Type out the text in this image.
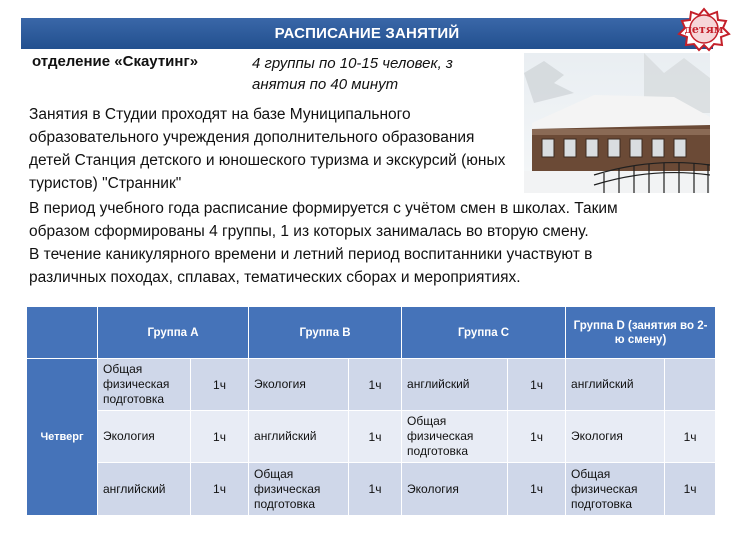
РАСПИСАНИЕ ЗАНЯТИЙ	детям
отделение «Скаутинг»	4 группы по 10-15 человек, з анятия по 40 минут
Занятия в Студии проходят на базе Муниципального образовательного учреждения дополнительного образования детей Станция детского и юношеского туризма и экскурсий (юных туристов) "Странник"
В период учебного года расписание формируется с учётом смен в школах. Таким
образом сформированы 4 группы, 1 из которых занималась во вторую смену.
В течение каникулярного времени и летний период воспитанники участвуют в
различных походах, сплавах, тематических сборах и мероприятиях.
	Группа А		Группа В		Группа С		Группа D (занятия во 2-ю смену)	
Четверг	Общая физическая подготовка	1ч	Экология	1ч	английский	1ч	английский	
	Экология	1ч	английский	1ч	Общая физическая подготовка	1ч	Экология	1ч
	английский	1ч	Общая физическая подготовка	1ч	Экология	1ч	Общая физическая подготовка	1ч
